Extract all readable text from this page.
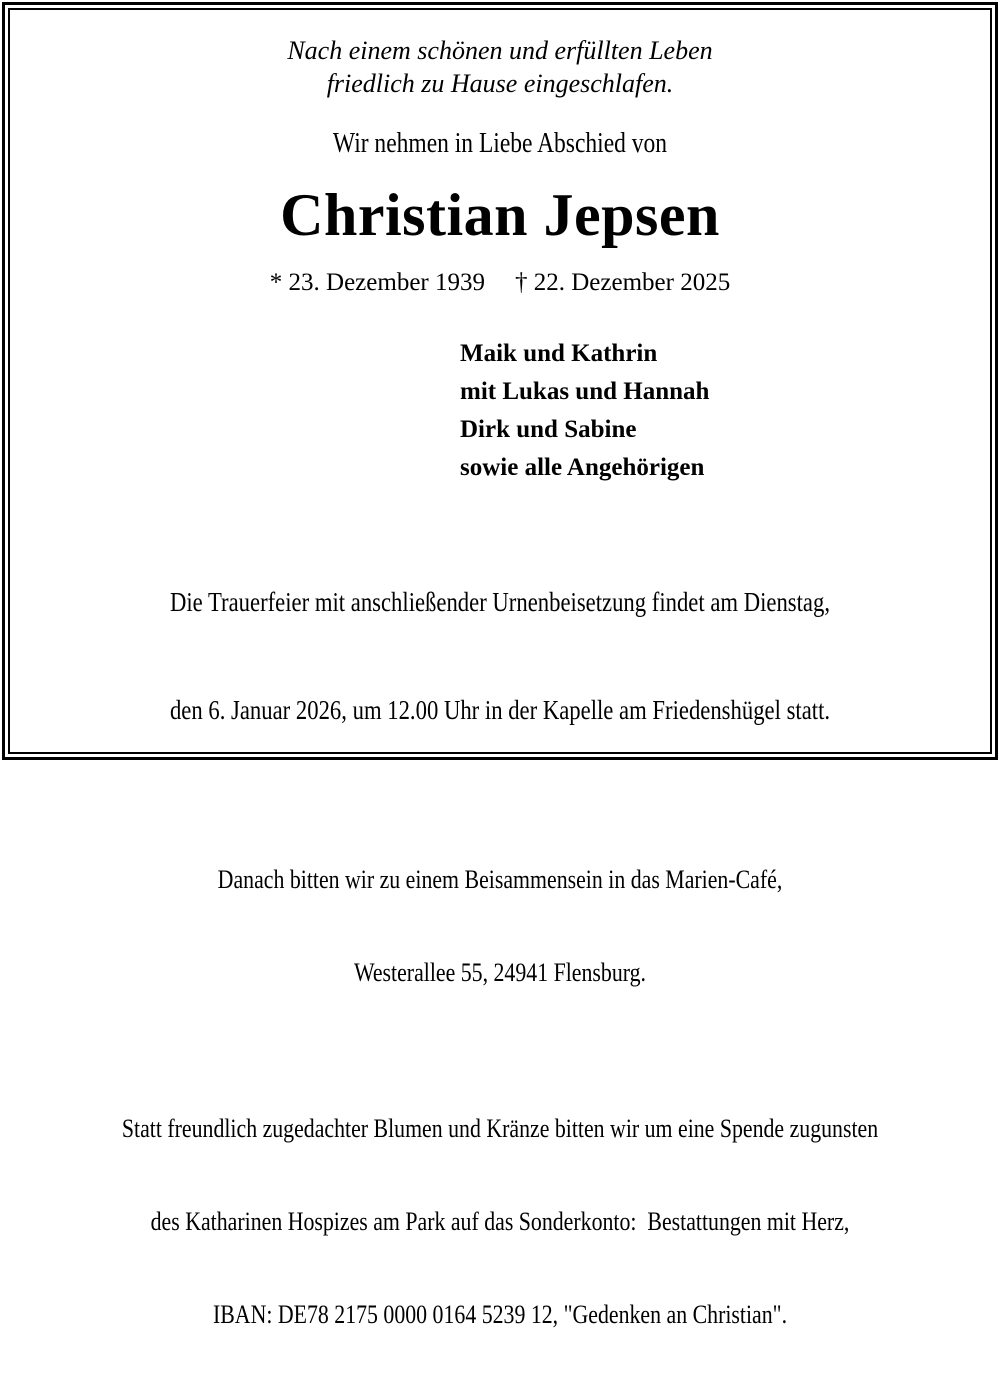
Nach einem schönen und erfüllten Leben
friedlich zu Hause eingeschlafen.
Wir nehmen in Liebe Abschied von
Christian Jepsen
* 23. Dezember 1939 † 22. Dezember 2025
Maik und Kathrin
mit Lukas und Hannah
Dirk und Sabine
sowie alle Angehörigen

Die Trauerfeier mit anschließender Urnenbeisetzung findet am Dienstag,

den 6. Januar 2026, um 12.00 Uhr in der Kapelle am Friedenshügel statt.

Danach bitten wir zu einem Beisammensein in das Marien-Café,

Westerallee 55, 24941 Flensburg.

Statt freundlich zugedachter Blumen und Kränze bitten wir um eine Spende zugunsten

des Katharinen Hospizes am Park auf das Sonderkonto:  Bestattungen mit Herz,

IBAN: DE78 2175 0000 0164 5239 12, "Gedenken an Christian".
